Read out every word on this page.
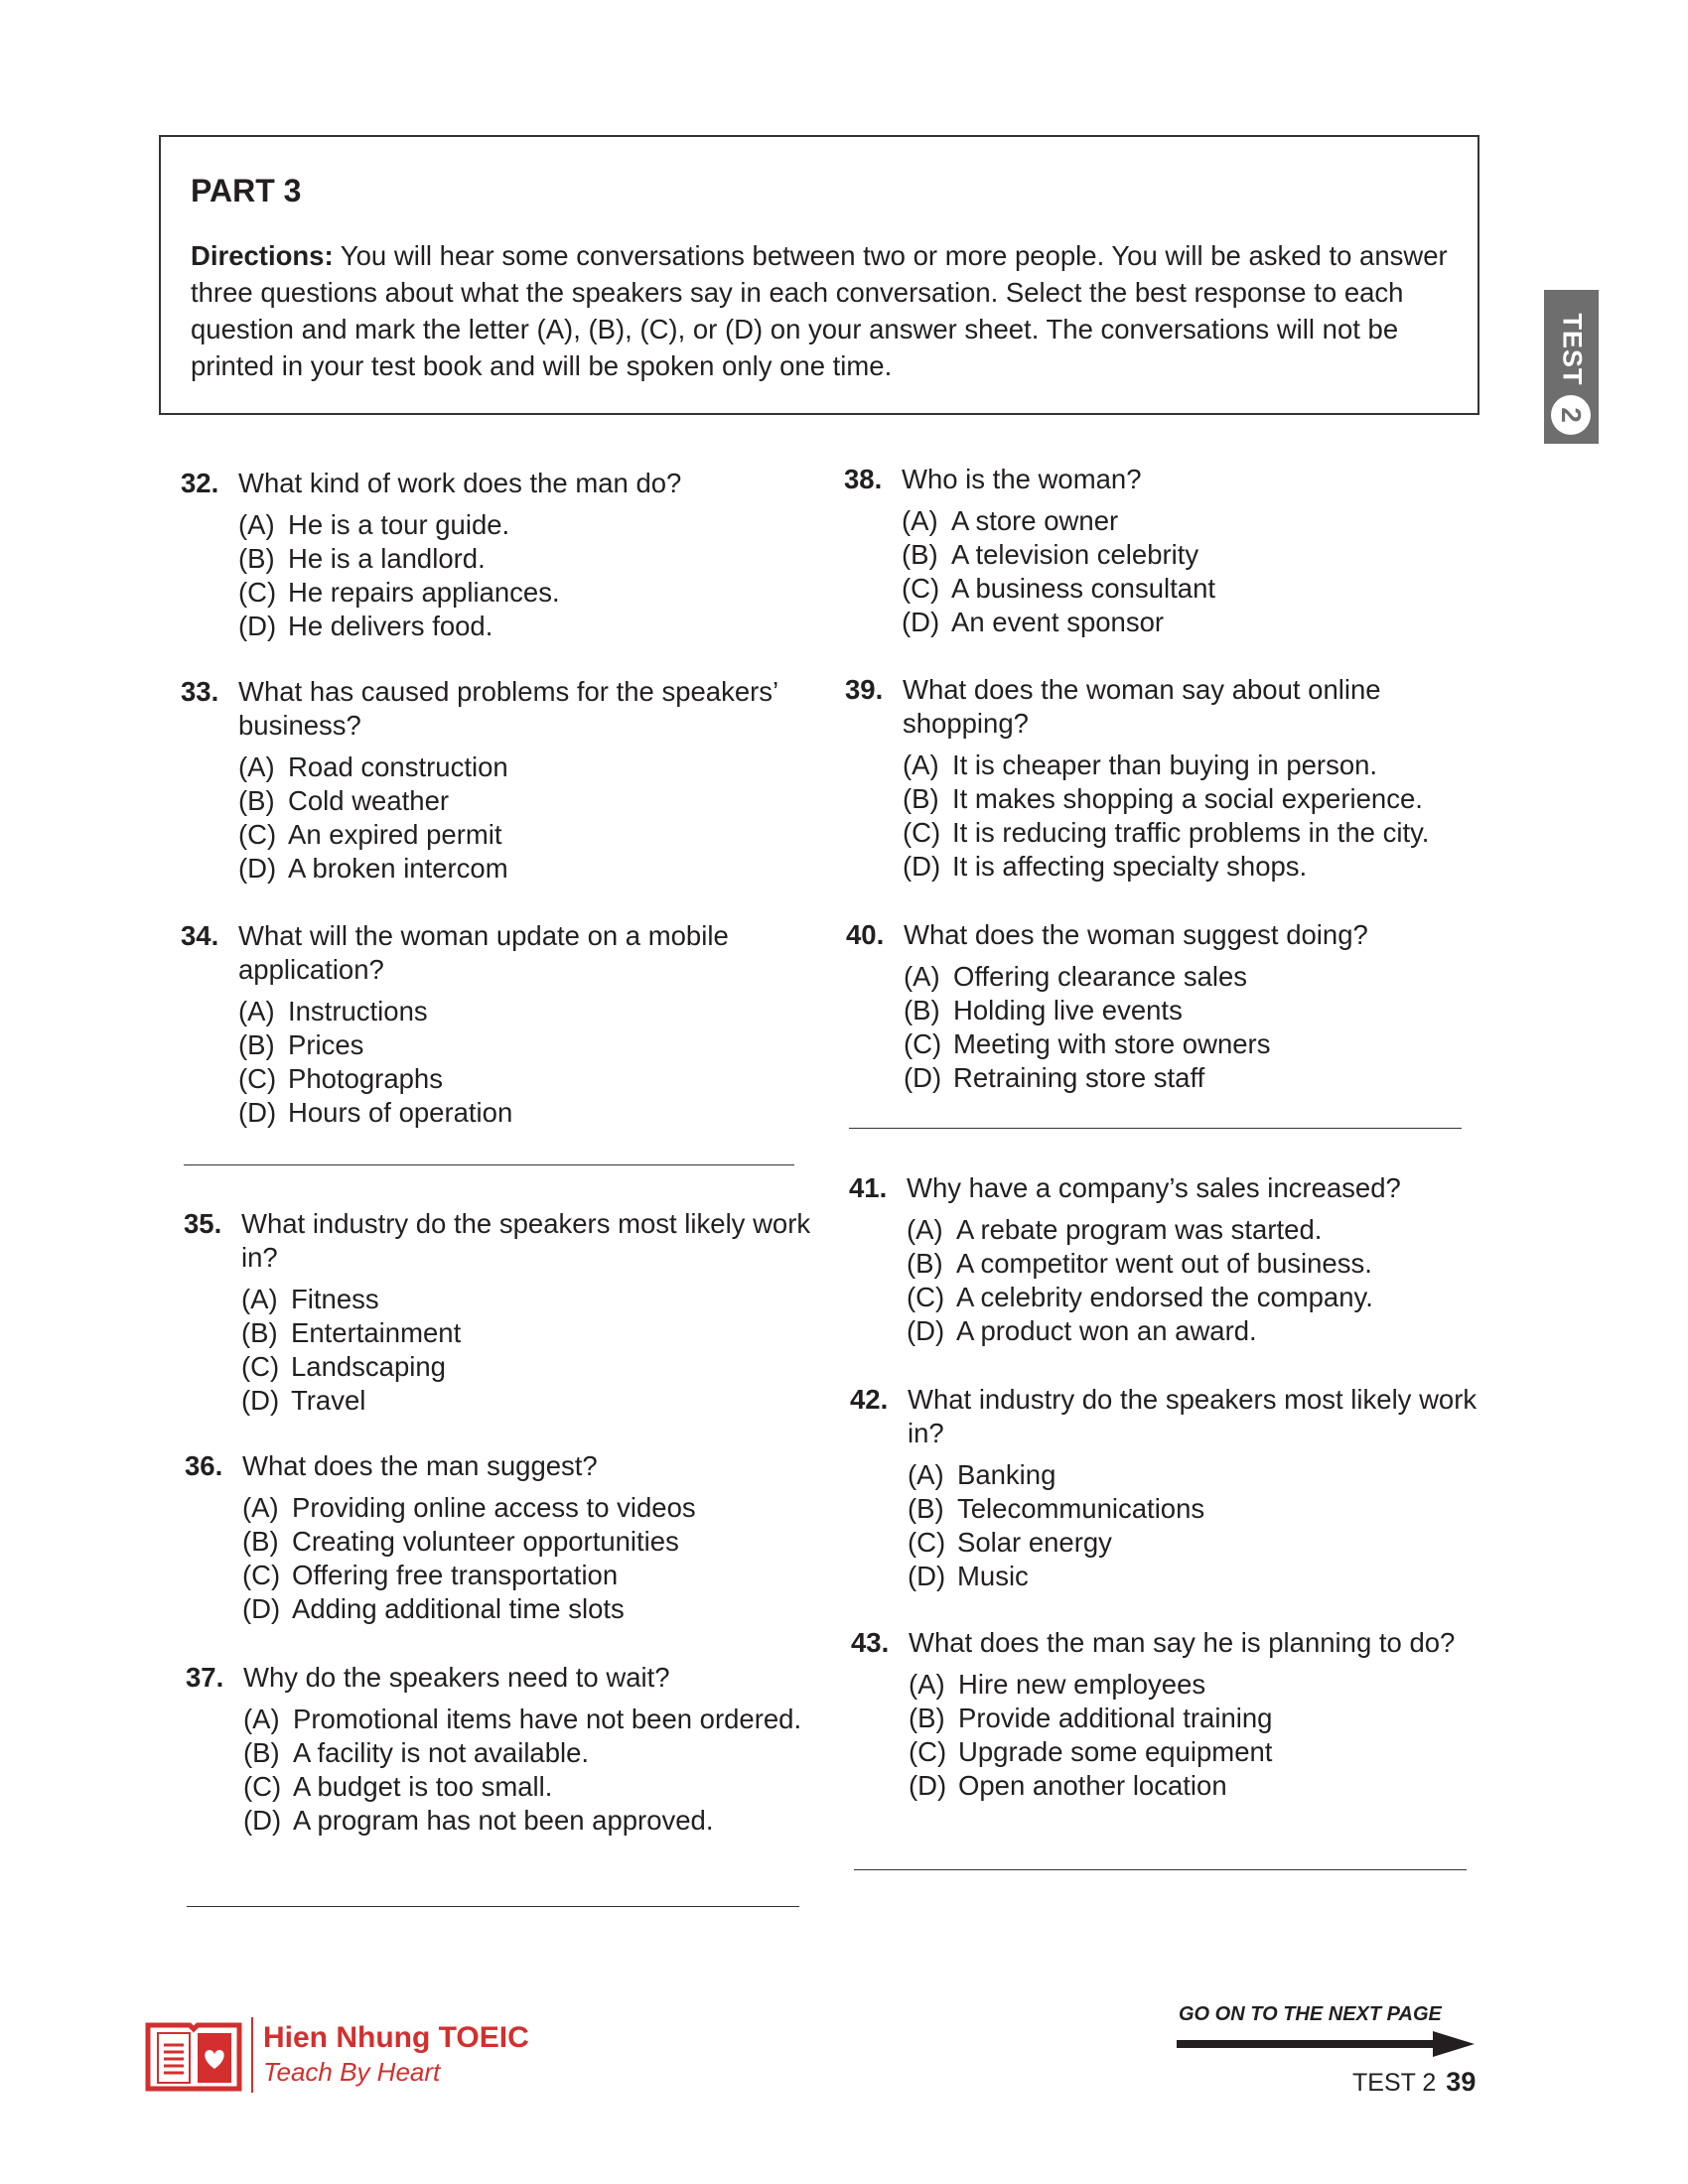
PART 3

Directions: You will hear some conversations between two or more people. You will be asked to answer three questions about what the speakers say in each conversation. Select the best response to each question and mark the letter (A), (B), (C), or (D) on your answer sheet. The conversations will not be printed in your test book and will be spoken only one time.	TEST
2
32. What kind of work does the man do?
(A) He is a tour guide.
(B) He is a landlord.
(C) He repairs appliances.
(D) He delivers food.
33. What has caused problems for the speakers’ business?
(A) Road construction
(B) Cold weather
(C) An expired permit
(D) A broken intercom
34. What will the woman update on a mobile application?
(A) Instructions
(B) Prices
(C) Photographs
(D) Hours of operation
35. What industry do the speakers most likely work in?
(A) Fitness
(B) Entertainment
(C) Landscaping
(D) Travel
36. What does the man suggest?
(A) Providing online access to videos
(B) Creating volunteer opportunities
(C) Offering free transportation
(D) Adding additional time slots
37. Why do the speakers need to wait?
(A) Promotional items have not been ordered.
(B) A facility is not available.
(C) A budget is too small.
(D) A program has not been approved.
38. Who is the woman?
(A) A store owner
(B) A television celebrity
(C) A business consultant
(D) An event sponsor
39. What does the woman say about online shopping?
(A) It is cheaper than buying in person.
(B) It makes shopping a social experience.
(C) It is reducing traffic problems in the city.
(D) It is affecting specialty shops.
40. What does the woman suggest doing?
(A) Offering clearance sales
(B) Holding live events
(C) Meeting with store owners
(D) Retraining store staff
41. Why have a company’s sales increased?
(A) A rebate program was started.
(B) A competitor went out of business.
(C) A celebrity endorsed the company.
(D) A product won an award.
42. What industry do the speakers most likely work in?
(A) Banking
(B) Telecommunications
(C) Solar energy
(D) Music
43. What does the man say he is planning to do?
(A) Hire new employees
(B) Provide additional training
(C) Upgrade some equipment
(D) Open another location
Hien Nhung TOEIC
Teach By Heart
GO ON TO THE NEXT PAGE
TEST 2 39
